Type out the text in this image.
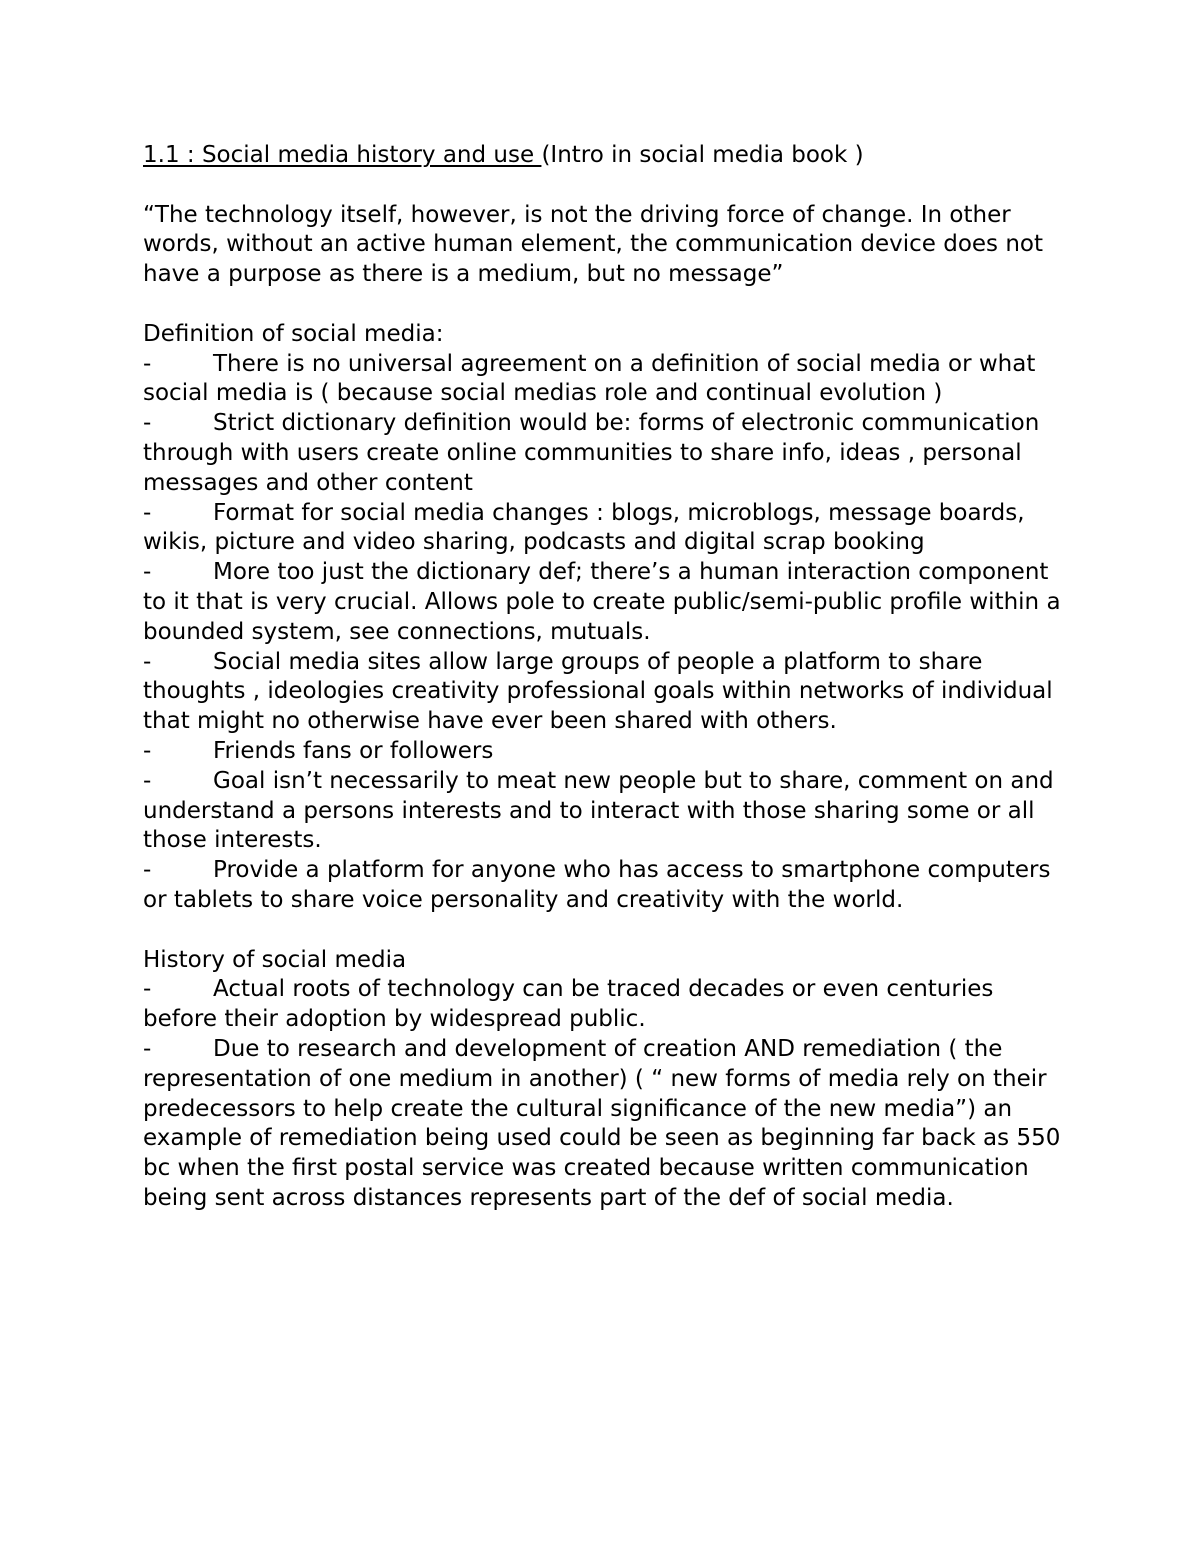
1.1 : Social media history and use (Intro in social media book )

“The technology itself, however, is not the driving force of change. In other words, without an active human element, the communication device does not have a purpose as there is a medium, but no message”

Definition of social media:

-	There is no universal agreement on a definition of social media or what social media is ( because social medias role and continual evolution )

-	Strict dictionary definition would be: forms of electronic communication through with users create online communities to share info, ideas , personal messages and other content

-	Format for social media changes : blogs, microblogs, message boards, wikis, picture and video sharing, podcasts and digital scrap booking

-	More too just the dictionary def; there’s a human interaction component to it that is very crucial. Allows pole to create public/semi-public profile within a bounded system, see connections, mutuals.

-	Social media sites allow large groups of people a platform to share thoughts , ideologies creativity professional goals within networks of individual that might no otherwise have ever been shared with others.

-	Friends fans or followers

-	Goal isn’t necessarily to meat new people but to share, comment on and understand a persons interests and to interact with those sharing some or all those interests.

-	Provide a platform for anyone who has access to smartphone computers or tablets to share voice personality and creativity with the world.

History of social media

-	Actual roots of technology can be traced decades or even centuries before their adoption by widespread public.

-	Due to research and development of creation AND remediation ( the representation of one medium in another) ( “ new forms of media rely on their predecessors to help create the cultural significance of the new media”) an example of remediation being used could be seen as beginning far back as 550 bc when the first postal service was created because written communication being sent across distances represents part of the def of social media.
